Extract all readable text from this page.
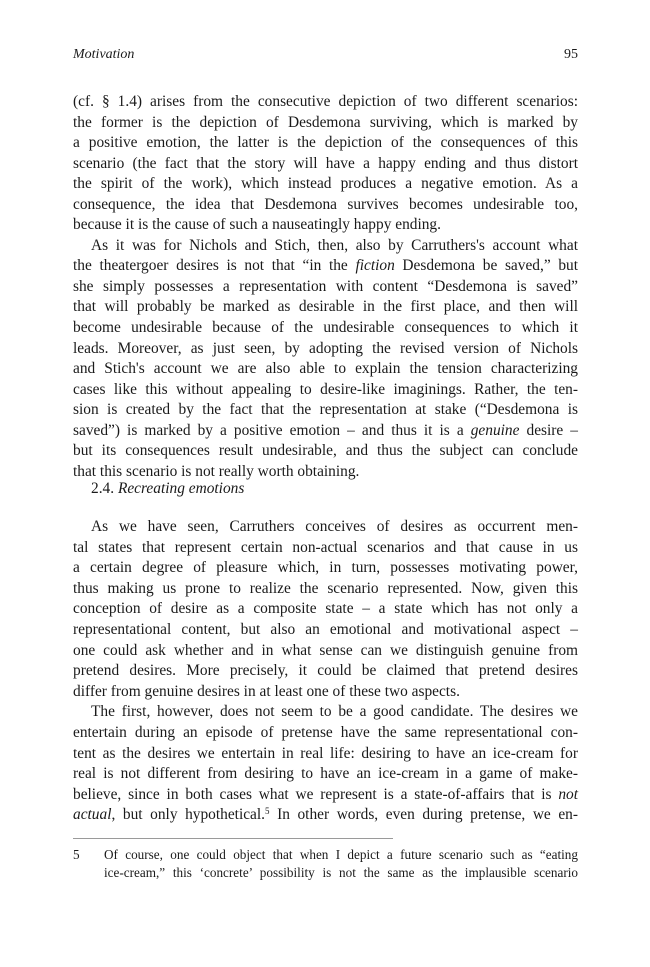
Motivation	95

(cf. § 1.4) arises from the consecutive depiction of two different scenarios:
the former is the depiction of Desdemona surviving, which is marked by
a positive emotion, the latter is the depiction of the consequences of this
scenario (the fact that the story will have a happy ending and thus distort
the spirit of the work), which instead produces a negative emotion. As a
consequence, the idea that Desdemona survives becomes undesirable too,
because it is the cause of such a nauseatingly happy ending.

As it was for Nichols and Stich, then, also by Carruthers's account what
the theatergoer desires is not that “in the fiction Desdemona be saved,” but
she simply possesses a representation with content “Desdemona is saved”
that will probably be marked as desirable in the first place, and then will
become undesirable because of the undesirable consequences to which it
leads. Moreover, as just seen, by adopting the revised version of Nichols
and Stich's account we are also able to explain the tension characterizing
cases like this without appealing to desire-like imaginings. Rather, the ten-
sion is created by the fact that the representation at stake (“Desdemona is
saved”) is marked by a positive emotion – and thus it is a genuine desire –
but its consequences result undesirable, and thus the subject can conclude
that this scenario is not really worth obtaining.

2.4. Recreating emotions

As we have seen, Carruthers conceives of desires as occurrent men-
tal states that represent certain non-actual scenarios and that cause in us
a certain degree of pleasure which, in turn, possesses motivating power,
thus making us prone to realize the scenario represented. Now, given this
conception of desire as a composite state – a state which has not only a
representational content, but also an emotional and motivational aspect –
one could ask whether and in what sense can we distinguish genuine from
pretend desires. More precisely, it could be claimed that pretend desires
differ from genuine desires in at least one of these two aspects.

The first, however, does not seem to be a good candidate. The desires we
entertain during an episode of pretense have the same representational con-
tent as the desires we entertain in real life: desiring to have an ice-cream for
real is not different from desiring to have an ice-cream in a game of make-
believe, since in both cases what we represent is a state-of-affairs that is not
actual, but only hypothetical.$^5$ In other words, even during pretense, we en-

5 Of course, one could object that when I depict a future scenario such as “eating
ice-cream,” this ‘concrete’ possibility is not the same as the implausible scenario
